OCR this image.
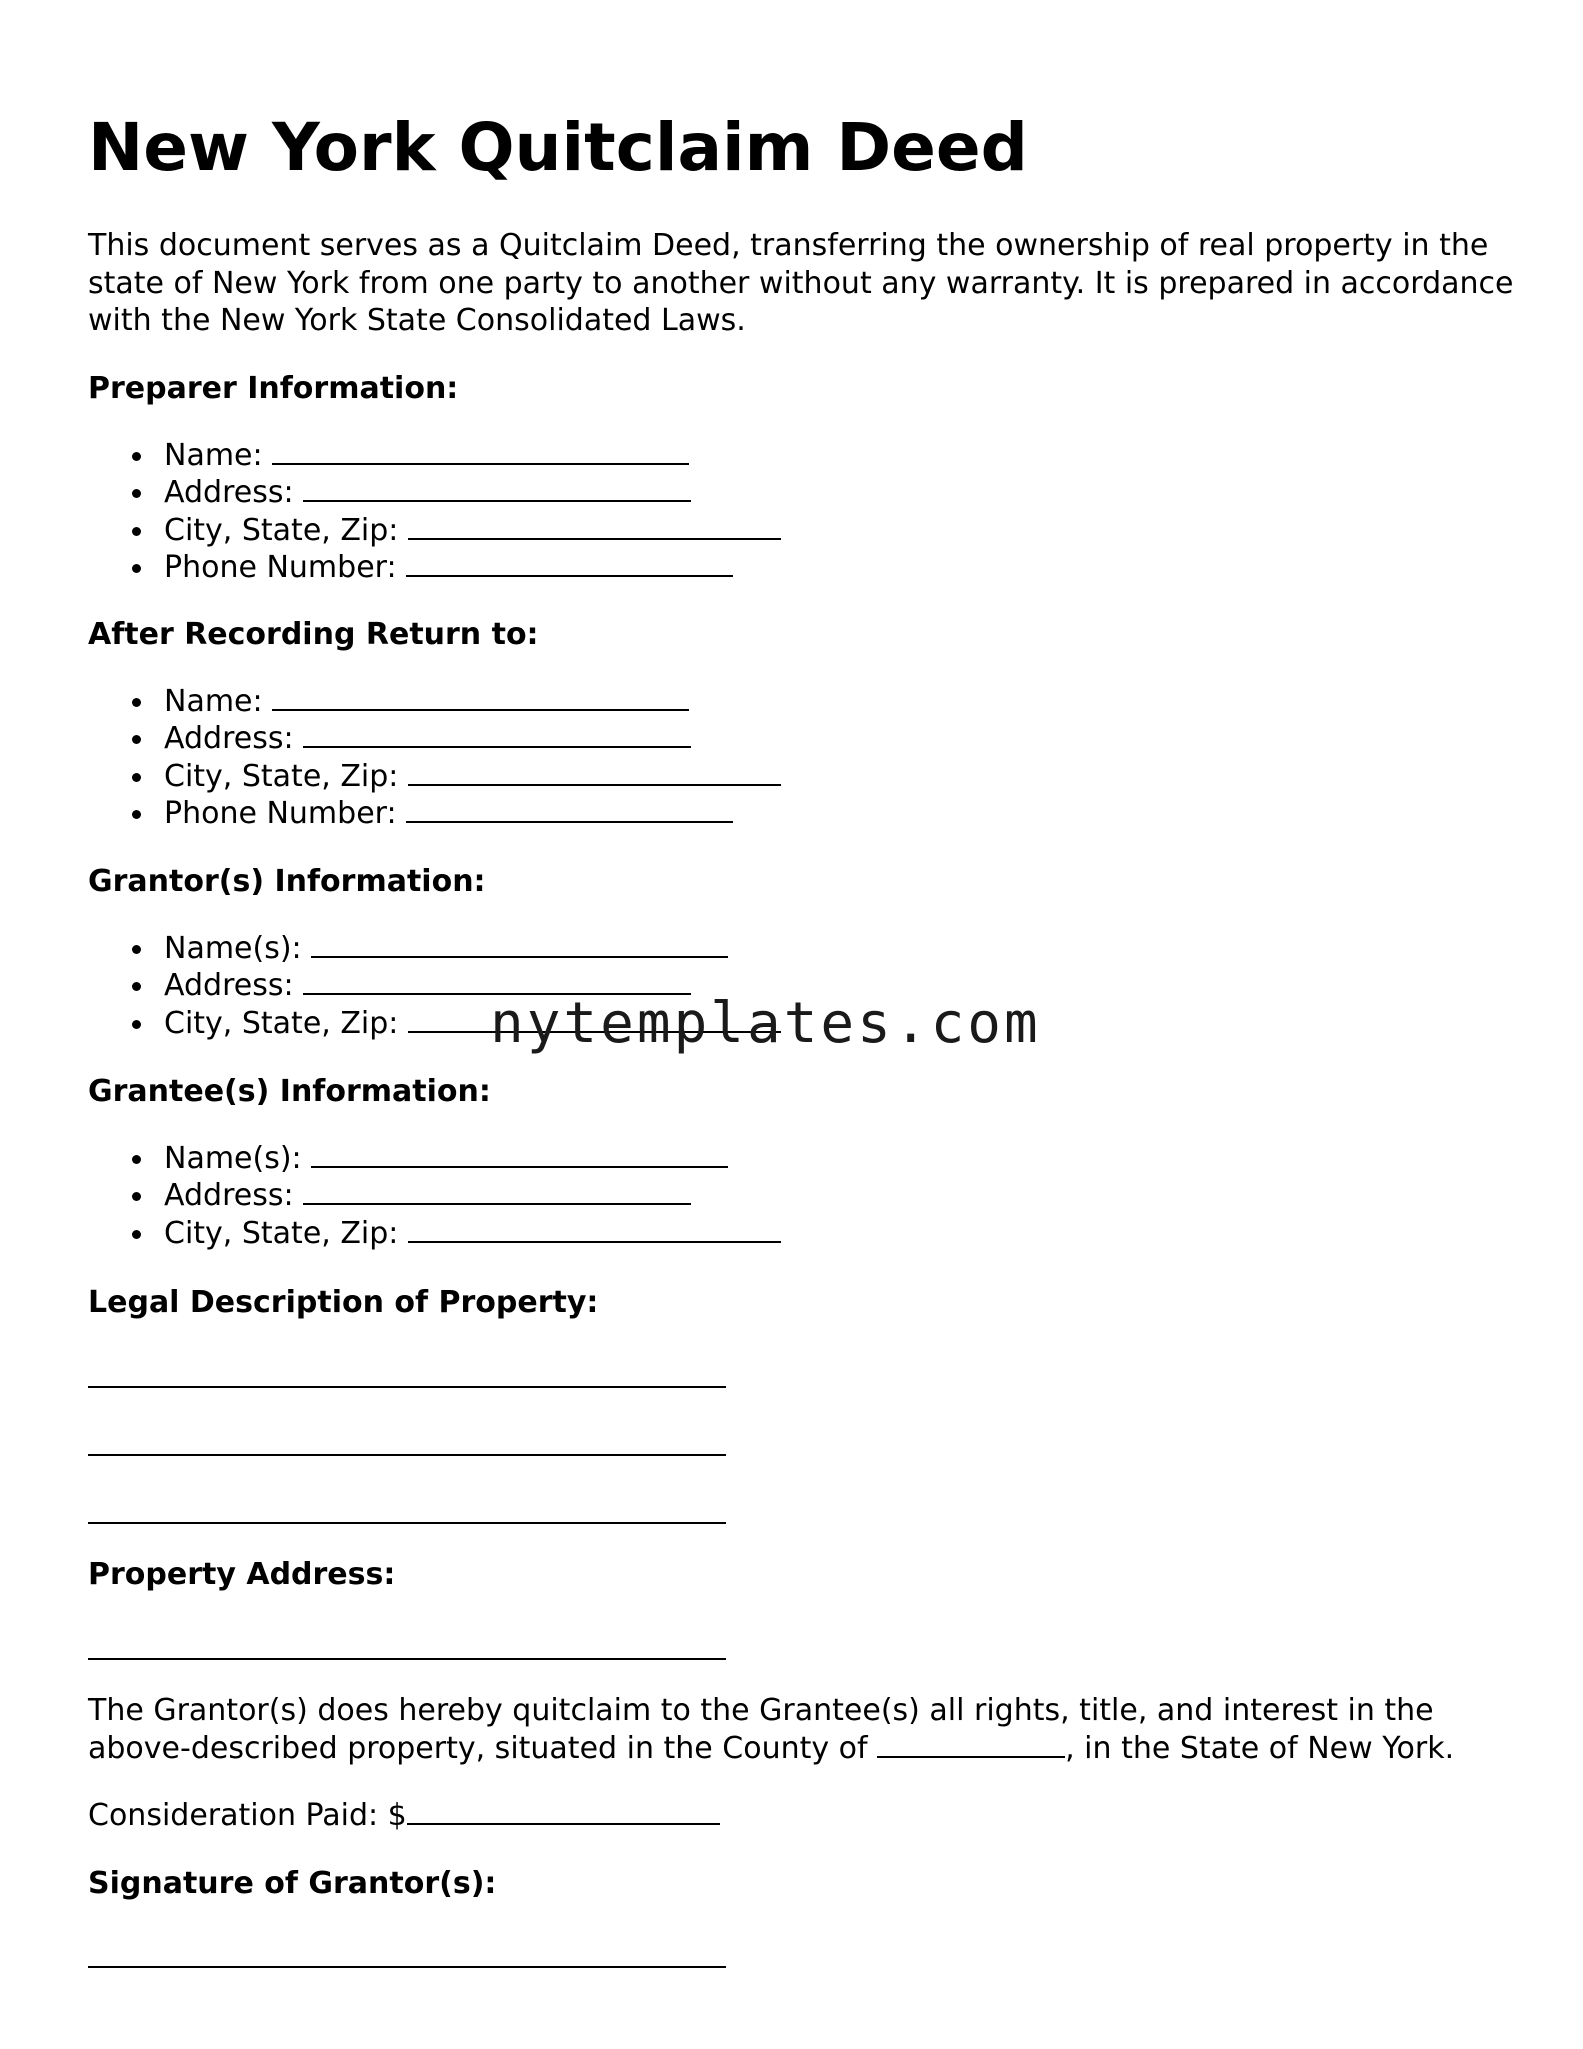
New York Quitclaim Deed

This document serves as a Quitclaim Deed, transferring the ownership of real property in the state of New York from one party to another without any warranty. It is prepared in accordance with the New York State Consolidated Laws.

Preparer Information:
Name:
Address:
City, State, Zip:
Phone Number:
After Recording Return to:
Name:
Address:
City, State, Zip:
Phone Number:
Grantor(s) Information:
Name(s):
Address:
City, State, Zip:
Grantee(s) Information:
Name(s):
Address:
City, State, Zip:
Legal Description of Property:
Property Address:
The Grantor(s) does hereby quitclaim to the Grantee(s) all rights, title, and interest in the
above-described property, situated in the County of	, in the State of New York.
Consideration Paid: $
Signature of Grantor(s):
nytemplates.com
